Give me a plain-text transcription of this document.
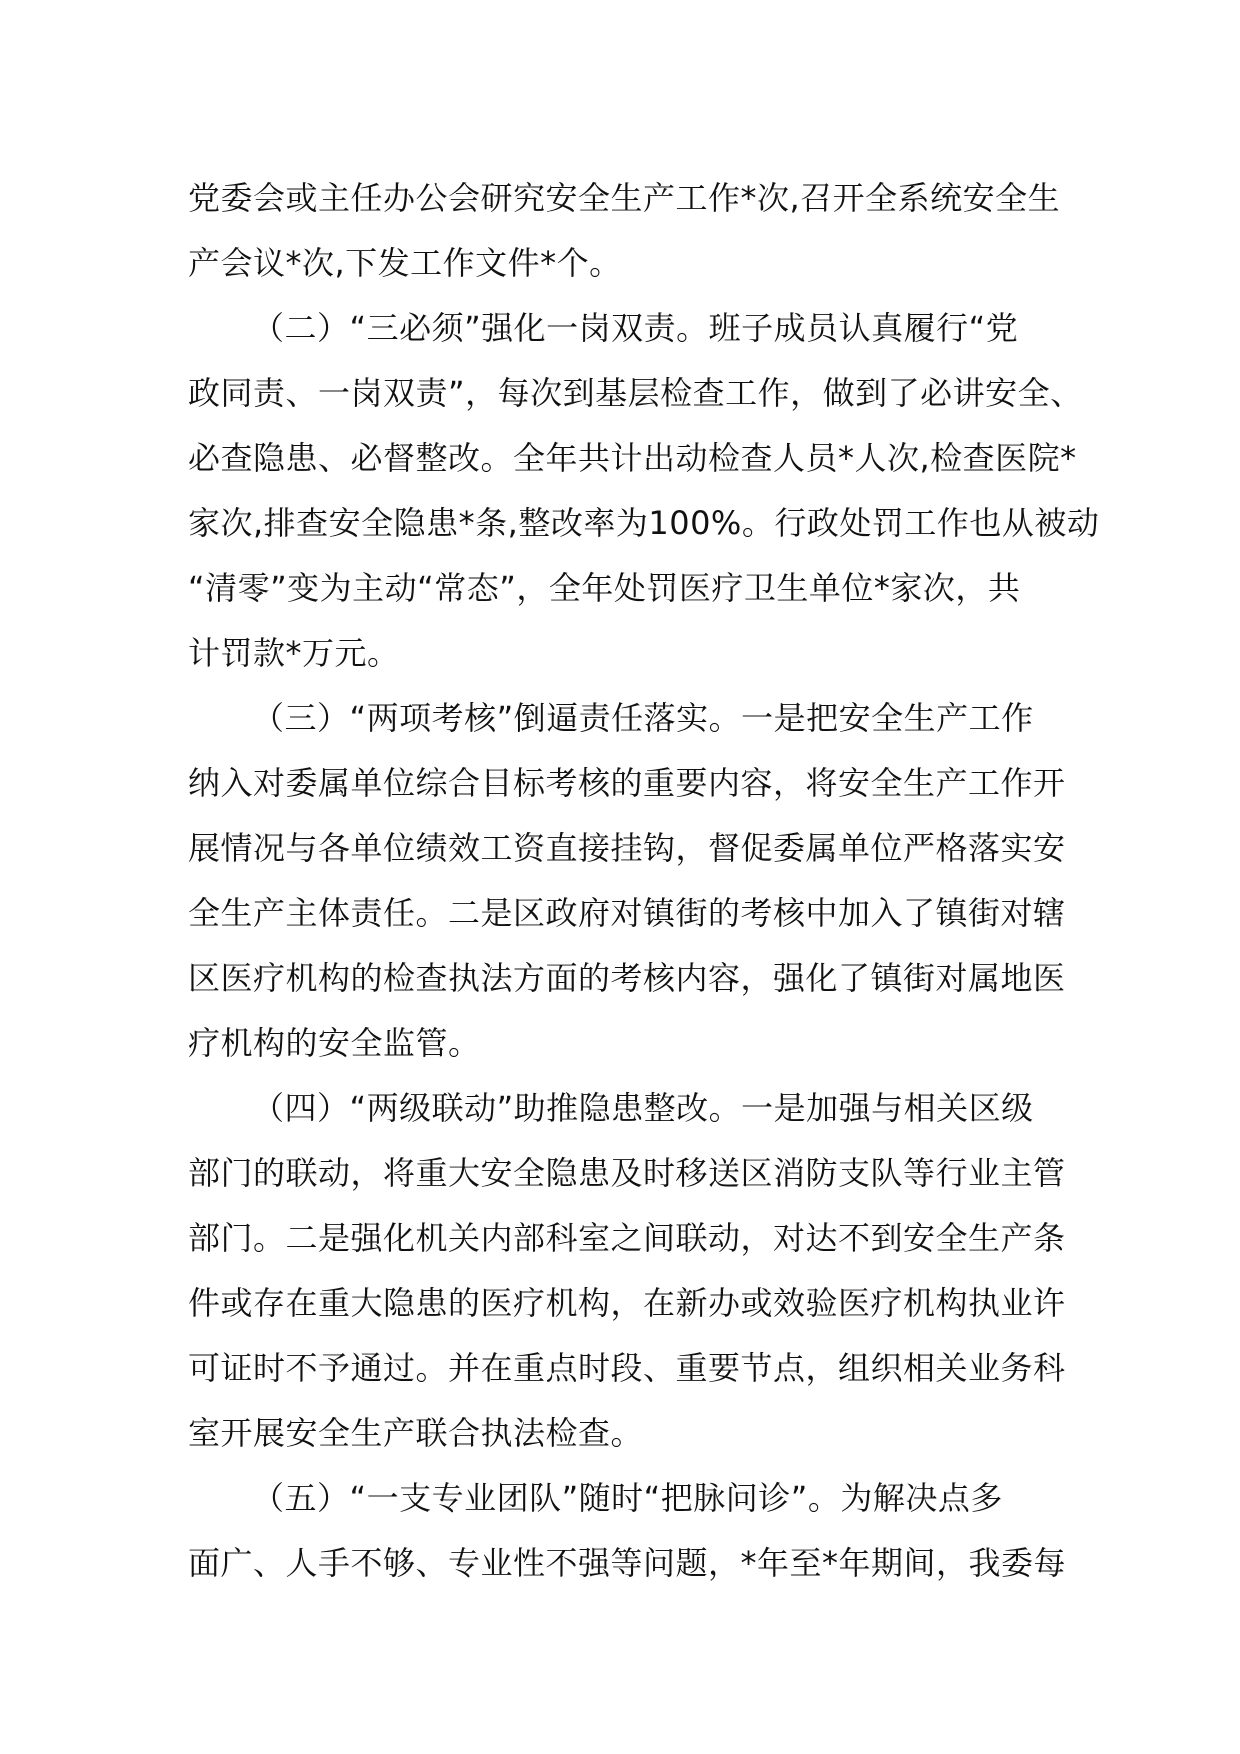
党委会或主任办公会研究安全生产工作*次,召开全系统安全生
产会议*次,下发工作文件*个。
（二）“三必须”强化一岗双责。班子成员认真履行“党
政同责、一岗双责”，每次到基层检查工作，做到了必讲安全、
必查隐患、必督整改。全年共计出动检查人员*人次,检查医院*
家次,排查安全隐患*条,整改率为100%。行政处罚工作也从被动
“清零”变为主动“常态”，全年处罚医疗卫生单位*家次，共
计罚款*万元。
（三）“两项考核”倒逼责任落实。一是把安全生产工作
纳入对委属单位综合目标考核的重要内容，将安全生产工作开
展情况与各单位绩效工资直接挂钩，督促委属单位严格落实安
全生产主体责任。二是区政府对镇街的考核中加入了镇街对辖
区医疗机构的检查执法方面的考核内容，强化了镇街对属地医
疗机构的安全监管。
（四）“两级联动”助推隐患整改。一是加强与相关区级
部门的联动，将重大安全隐患及时移送区消防支队等行业主管
部门。二是强化机关内部科室之间联动，对达不到安全生产条
件或存在重大隐患的医疗机构，在新办或效验医疗机构执业许
可证时不予通过。并在重点时段、重要节点，组织相关业务科
室开展安全生产联合执法检查。
（五）“一支专业团队”随时“把脉问诊”。为解决点多
面广、人手不够、专业性不强等问题，*年至*年期间，我委每
